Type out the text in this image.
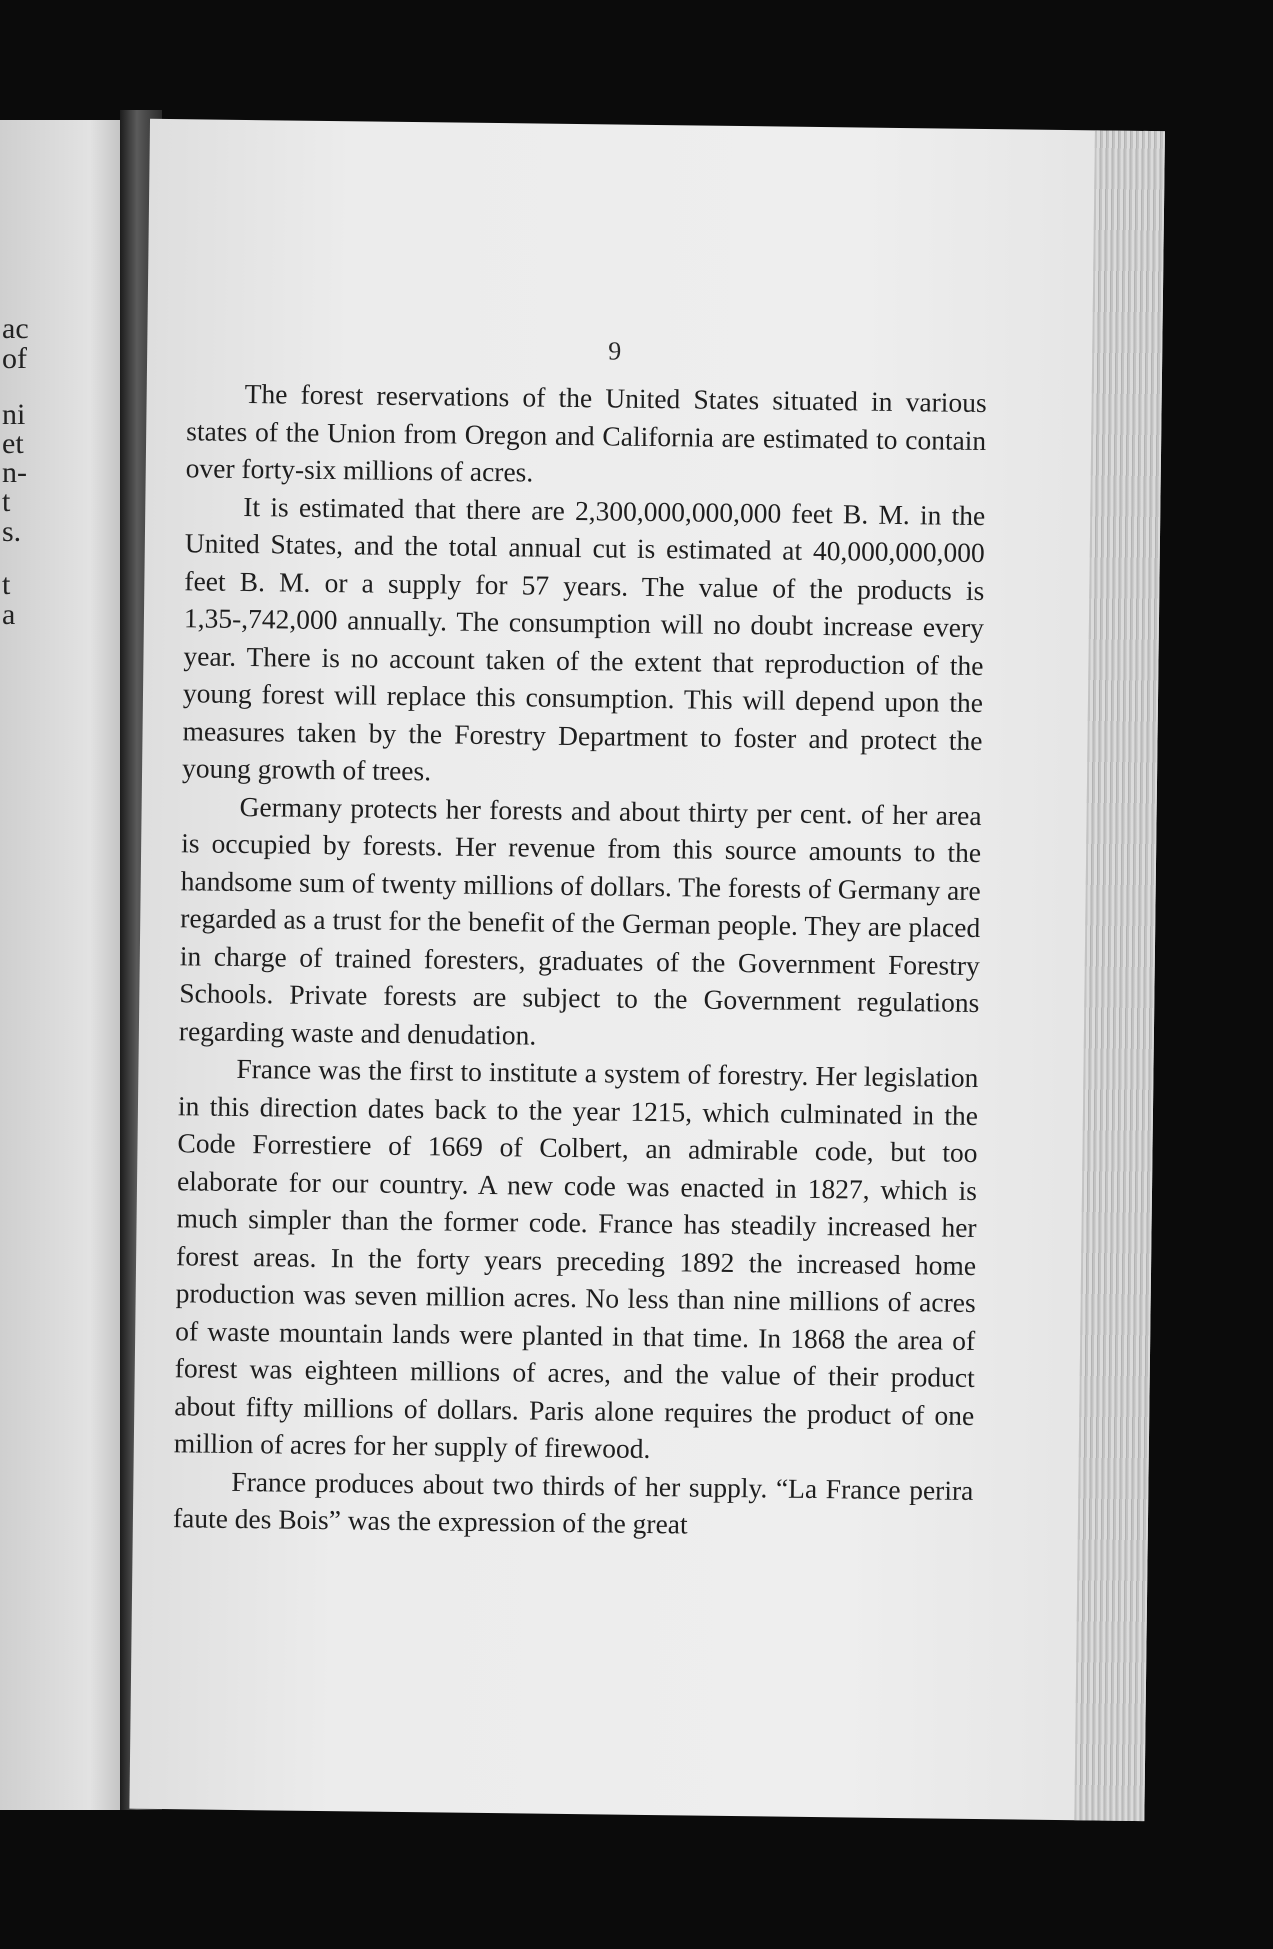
ac
of
ni
et
n-
t
s.
t
a
9

The forest reservations of the United States situated in various states of the Union from Oregon and California are estimated to contain over forty-six millions of acres.

It is estimated that there are 2,300,000,000,000 feet B. M. in the United States, and the total annual cut is estimated at 40,000,000,000 feet B. M. or a supply for 57 years. The value of the products is 1,35-,742,000 annually. The consumption will no doubt increase every year. There is no account taken of the extent that reproduction of the young forest will replace this consumption. This will depend upon the measures taken by the Forestry Department to foster and protect the young growth of trees.

Germany protects her forests and about thirty per cent. of her area is occupied by forests. Her revenue from this source amounts to the handsome sum of twenty millions of dollars. The forests of Germany are regarded as a trust for the benefit of the German people. They are placed in charge of trained foresters, graduates of the Government Forestry Schools. Private forests are subject to the Government regulations regarding waste and denudation.

France was the first to institute a system of forestry. Her legislation in this direction dates back to the year 1215, which culminated in the Code Forrestiere of 1669 of Colbert, an admirable code, but too elaborate for our country. A new code was enacted in 1827, which is much simpler than the former code. France has steadily increased her forest areas. In the forty years preceding 1892 the increased home production was seven million acres. No less than nine millions of acres of waste mountain lands were planted in that time. In 1868 the area of forest was eighteen millions of acres, and the value of their product about fifty millions of dollars. Paris alone requires the product of one million of acres for her supply of firewood.

France produces about two thirds of her supply. “La France perira faute des Bois” was the expression of the great
